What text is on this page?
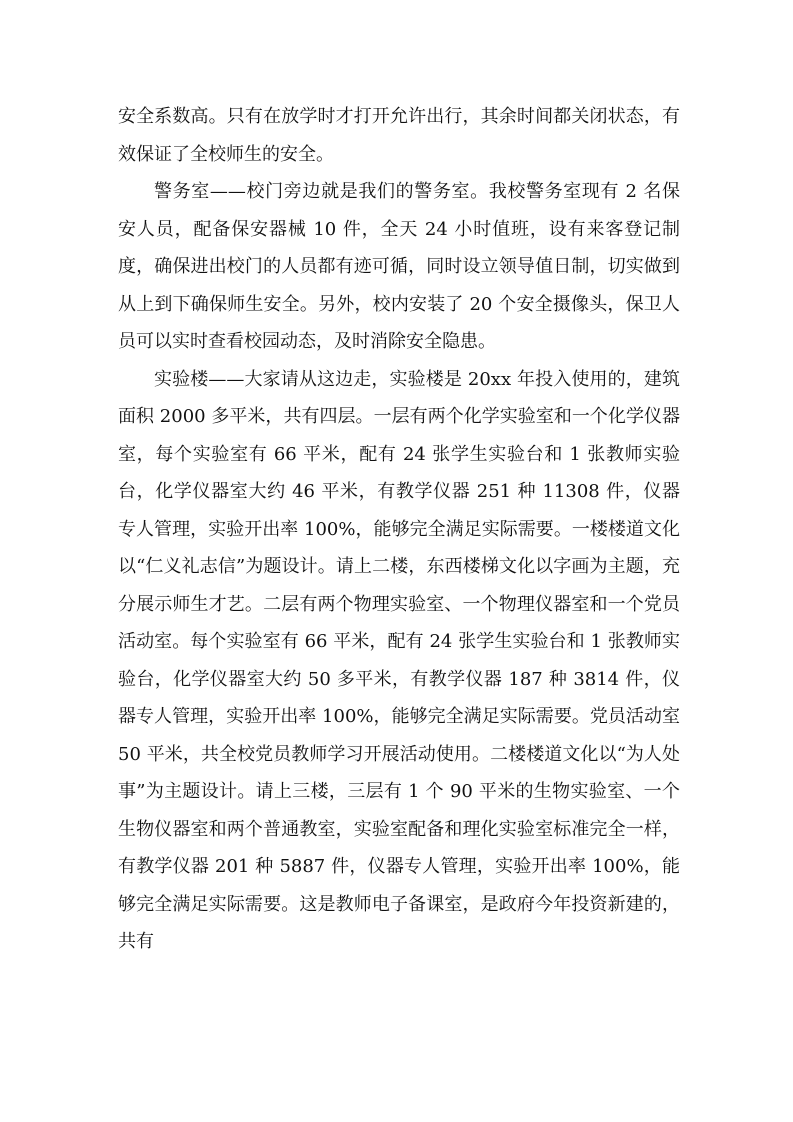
安全系数高。只有在放学时才打开允许出行，其余时间都关闭状态，有效保证了全校师生的安全。

警务室——校门旁边就是我们的警务室。我校警务室现有 2 名保安人员，配备保安器械 10 件，全天 24 小时值班，设有来客登记制度，确保进出校门的人员都有迹可循，同时设立领导值日制，切实做到从上到下确保师生安全。另外，校内安装了 20 个安全摄像头，保卫人员可以实时查看校园动态，及时消除安全隐患。

实验楼——大家请从这边走，实验楼是 20xx 年投入使用的，建筑面积 2000 多平米，共有四层。一层有两个化学实验室和一个化学仪器室，每个实验室有 66 平米，配有 24 张学生实验台和 1 张教师实验台，化学仪器室大约 46 平米，有教学仪器 251 种 11308 件，仪器专人管理，实验开出率 100%，能够完全满足实际需要。一楼楼道文化以“仁义礼志信”为题设计。请上二楼，东西楼梯文化以字画为主题，充分展示师生才艺。二层有两个物理实验室、一个物理仪器室和一个党员活动室。每个实验室有 66 平米，配有 24 张学生实验台和 1 张教师实验台，化学仪器室大约 50 多平米，有教学仪器 187 种 3814 件，仪器专人管理，实验开出率 100%，能够完全满足实际需要。党员活动室 50 平米，共全校党员教师学习开展活动使用。二楼楼道文化以“为人处事”为主题设计。请上三楼，三层有 1 个 90 平米的生物实验室、一个生物仪器室和两个普通教室，实验室配备和理化实验室标准完全一样，有教学仪器 201 种 5887 件，仪器专人管理，实验开出率 100%，能够完全满足实际需要。这是教师电子备课室，是政府今年投资新建的，共有
